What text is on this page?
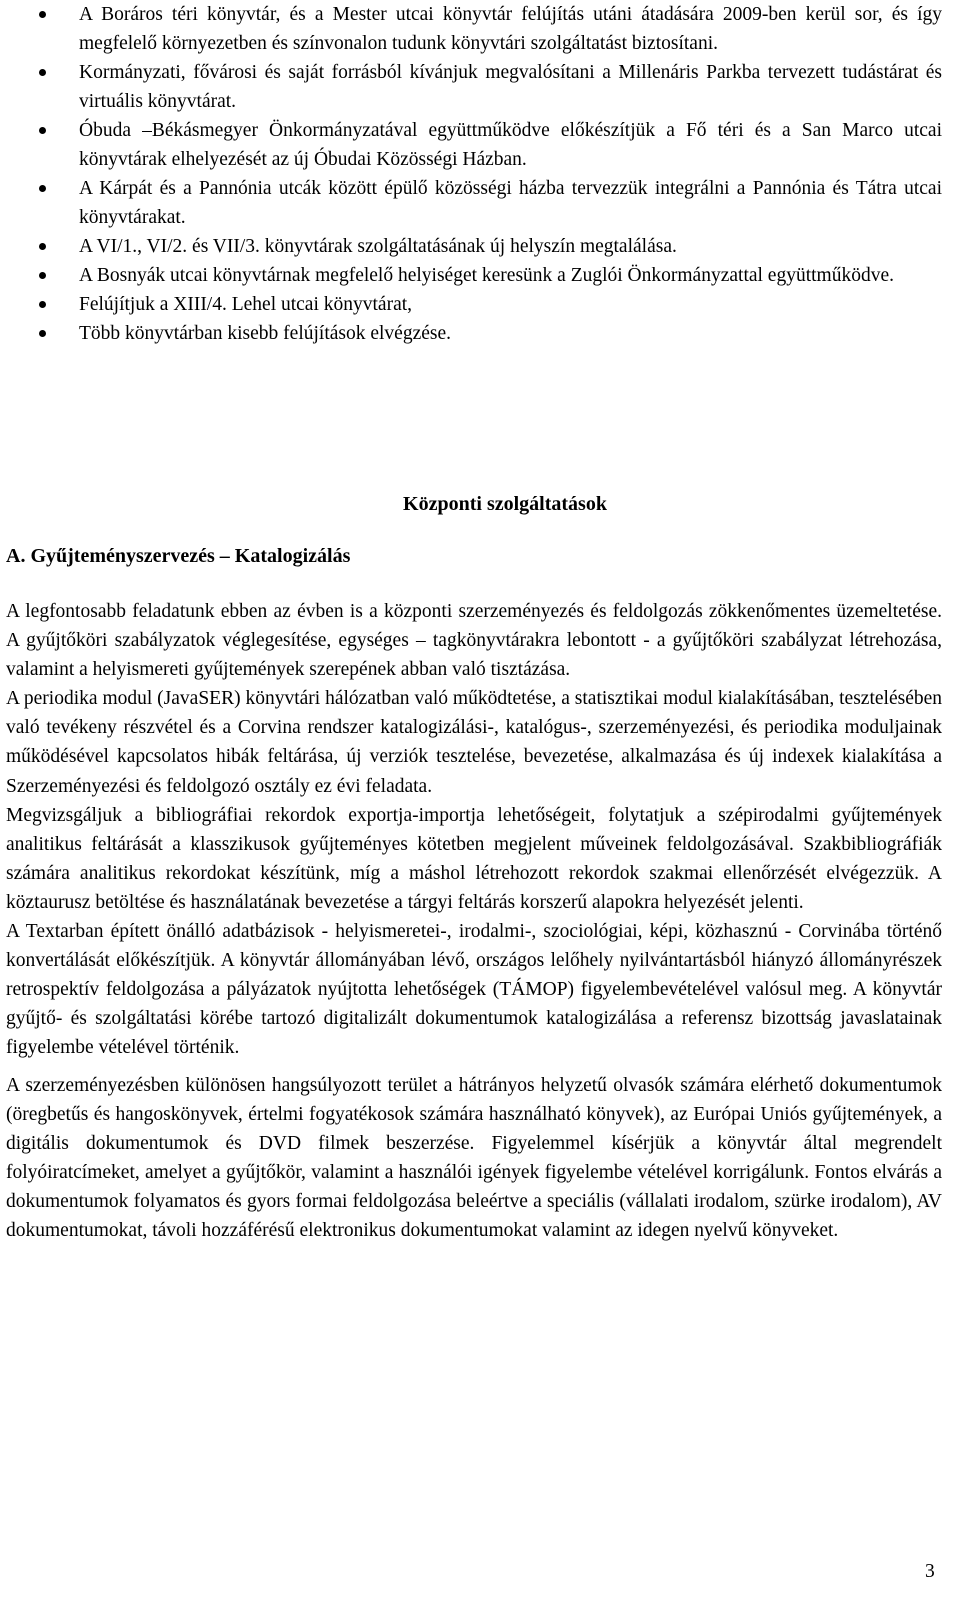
A Boráros téri könyvtár, és a Mester utcai könyvtár felújítás utáni átadására 2009-ben kerül sor, és így megfelelő környezetben és színvonalon tudunk könyvtári szolgáltatást biztosítani.
Kormányzati, fővárosi és saját forrásból kívánjuk megvalósítani a Millenáris Parkba tervezett tudástárat és virtuális könyvtárat.
Óbuda –Békásmegyer Önkormányzatával együttműködve előkészítjük a Fő téri és a San Marco utcai könyvtárak elhelyezését az új Óbudai Közösségi Házban.
A Kárpát és a Pannónia utcák között épülő közösségi házba tervezzük integrálni a Pannónia és Tátra utcai könyvtárakat.
A VI/1., VI/2. és VII/3. könyvtárak szolgáltatásának új helyszín megtalálása.
A Bosnyák utcai könyvtárnak megfelelő helyiséget keresünk a Zuglói Önkormányzattal együttműködve.
Felújítjuk a XIII/4. Lehel utcai könyvtárat,
Több könyvtárban kisebb felújítások elvégzése.
Központi szolgáltatások
A. Gyűjteményszervezés – Katalogizálás

A legfontosabb feladatunk ebben az évben is a központi szerzeményezés és feldolgozás zökkenőmentes üzemeltetése. A gyűjtőköri szabályzatok véglegesítése, egységes – tagkönyvtárakra lebontott - a gyűjtőköri szabályzat létrehozása, valamint a helyismereti gyűjtemények szerepének abban való tisztázása.

A periodika modul (JavaSER) könyvtári hálózatban való működtetése, a statisztikai modul kialakításában, tesztelésében való tevékeny részvétel és a Corvina rendszer katalogizálási-, katalógus-, szerzeményezési, és periodika moduljainak működésével kapcsolatos hibák feltárása, új verziók tesztelése, bevezetése, alkalmazása és új indexek kialakítása a Szerzeményezési és feldolgozó osztály ez évi feladata.

Megvizsgáljuk a bibliográfiai rekordok exportja-importja lehetőségeit, folytatjuk a szépirodalmi gyűjtemények analitikus feltárását a klasszikusok gyűjteményes kötetben megjelent műveinek feldolgozásával. Szakbibliográfiák számára analitikus rekordokat készítünk, míg a máshol létrehozott rekordok szakmai ellenőrzését elvégezzük. A köztaurusz betöltése és használatának bevezetése a tárgyi feltárás korszerű alapokra helyezését jelenti.

A Textarban épített önálló adatbázisok - helyismeretei-, irodalmi-, szociológiai, képi, közhasznú - Corvinába történő konvertálását előkészítjük. A könyvtár állományában lévő, országos lelőhely nyilvántartásból hiányzó állományrészek retrospektív feldolgozása a pályázatok nyújtotta lehetőségek (TÁMOP) figyelembevételével valósul meg. A könyvtár gyűjtő- és szolgáltatási körébe tartozó digitalizált dokumentumok katalogizálása a referensz bizottság javaslatainak figyelembe vételével történik.

A szerzeményezésben különösen hangsúlyozott terület a hátrányos helyzetű olvasók számára elérhető dokumentumok (öregbetűs és hangoskönyvek, értelmi fogyatékosok számára használható könyvek), az Európai Uniós gyűjtemények, a digitális dokumentumok és DVD filmek beszerzése. Figyelemmel kísérjük a könyvtár által megrendelt folyóiratcímeket, amelyet a gyűjtőkör, valamint a használói igények figyelembe vételével korrigálunk. Fontos elvárás a dokumentumok folyamatos és gyors formai feldolgozása beleértve a speciális (vállalati irodalom, szürke irodalom), AV dokumentumokat, távoli hozzáférésű elektronikus dokumentumokat valamint az idegen nyelvű könyveket.

3
